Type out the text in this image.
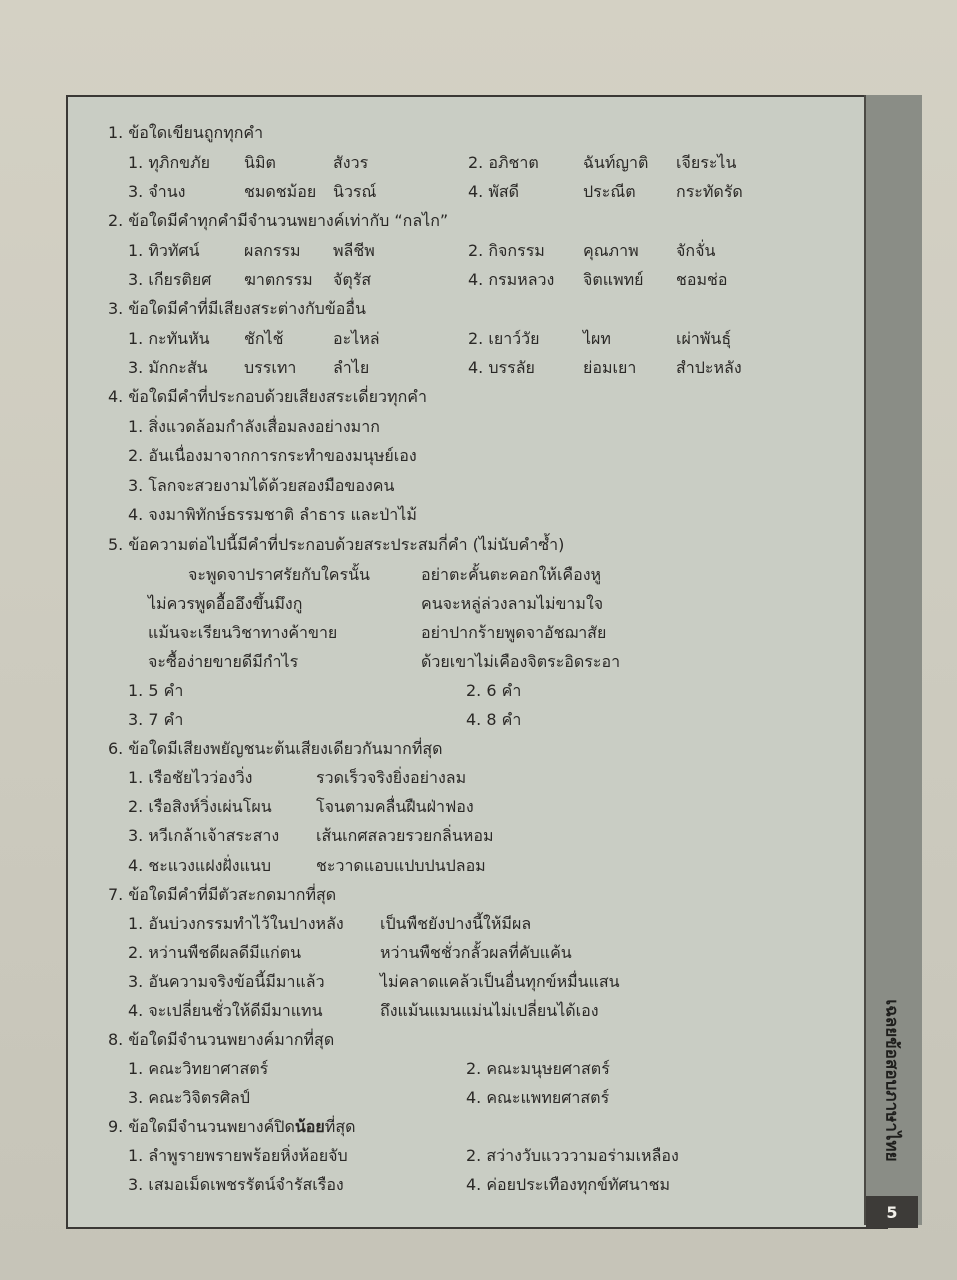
เฉลยข้อสอบภาษาไทย
5
1. ข้อใดเขียนถูกทุกคำ
1. ทุภิกขภัย นิมิต	สังวร	2. อภิชาต	ฉันท์ญาติ เจียระไน
3. จำนง	ชมดชม้อย นิวรณ์	4. พัสดี	ประณีต	กระทัดรัด
2. ข้อใดมีคำทุกคำมีจำนวนพยางค์เท่ากับ “กลไก”
1. ทิวทัศน์	ผลกรรม พลีชีพ	2. กิจกรรม คุณภาพ จักจั่น
3. เกียรติยศ ฆาตกรรม จัตุรัส	4. กรมหลวง จิตแพทย์ ชอมช่อ
3. ข้อใดมีคำที่มีเสียงสระต่างกับข้ออื่น
1. กะทันหัน ชักไช้	อะไหล่	2. เยาว์วัย	ไผท	เผ่าพันธุ์
3. มักกะสัน บรรเทา ลำไย	4. บรรลัย	ย่อมเยา สำปะหลัง
4. ข้อใดมีคำที่ประกอบด้วยเสียงสระเดี่ยวทุกคำ
1. สิ่งแวดล้อมกำลังเสื่อมลงอย่างมาก
2. อันเนื่องมาจากการกระทำของมนุษย์เอง
3. โลกจะสวยงามได้ด้วยสองมือของคน
4. จงมาพิทักษ์ธรรมชาติ ลำธาร และป่าไม้
5. ข้อความต่อไปนี้มีคำที่ประกอบด้วยสระประสมกี่คำ (ไม่นับคำซ้ำ)
จะพูดจาปราศรัยกับใครนั้น	อย่าตะคั้นตะคอกให้เคืองหู
ไม่ควรพูดอื้ออึงขึ้นมึงกู	คนจะหลู่ล่วงลามไม่ขามใจ
แม้นจะเรียนวิชาทางค้าขาย	อย่าปากร้ายพูดจาอัชฌาสัย
จะซื้อง่ายขายดีมีกำไร	ด้วยเขาไม่เคืองจิตระอิดระอา
1. 5 คำ	2. 6 คำ
3. 7 คำ	4. 8 คำ
6. ข้อใดมีเสียงพยัญชนะต้นเสียงเดียวกันมากที่สุด
1. เรือชัยไวว่องวิ่ง	รวดเร็วจริงยิ่งอย่างลม
2. เรือสิงห์วิ่งเผ่นโผน	โจนตามคลื่นฝืนฝ่าฟอง
3. หวีเกล้าเจ้าสระสาง เส้นเกศสลวยรวยกลิ่นหอม
4. ชะแวงแฝงฝั่งแนบ	ชะวาดแอบแปบปนปลอม
7. ข้อใดมีคำที่มีตัวสะกดมากที่สุด
1. อันบ่วงกรรมทำไว้ในปางหลัง เป็นพืชยังปางนี้ให้มีผล
2. หว่านพืชดีผลดีมีแก่ตน	หว่านพืชชั่วกลั้วผลที่คับแค้น
3. อันความจริงข้อนี้มีมาแล้ว	ไม่คลาดแคล้วเป็นอื่นทุกข์หมื่นแสน
4. จะเปลี่ยนชั่วให้ดีมีมาแทน	ถึงแม้นแมนแม่นไม่เปลี่ยนได้เอง
8. ข้อใดมีจำนวนพยางค์มากที่สุด
1. คณะวิทยาศาสตร์	2. คณะมนุษยศาสตร์
3. คณะวิจิตรศิลป์	4. คณะแพทยศาสตร์
9. ข้อใดมีจำนวนพยางค์ปิดน้อยที่สุด
1. ลำพูรายพรายพร้อยหิ่งห้อยจับ	2. สว่างวับแวววามอร่ามเหลือง
3. เสมอเม็ดเพชรรัตน์จำรัสเรือง	4. ค่อยประเทืองทุกข์ทัศนาชม
